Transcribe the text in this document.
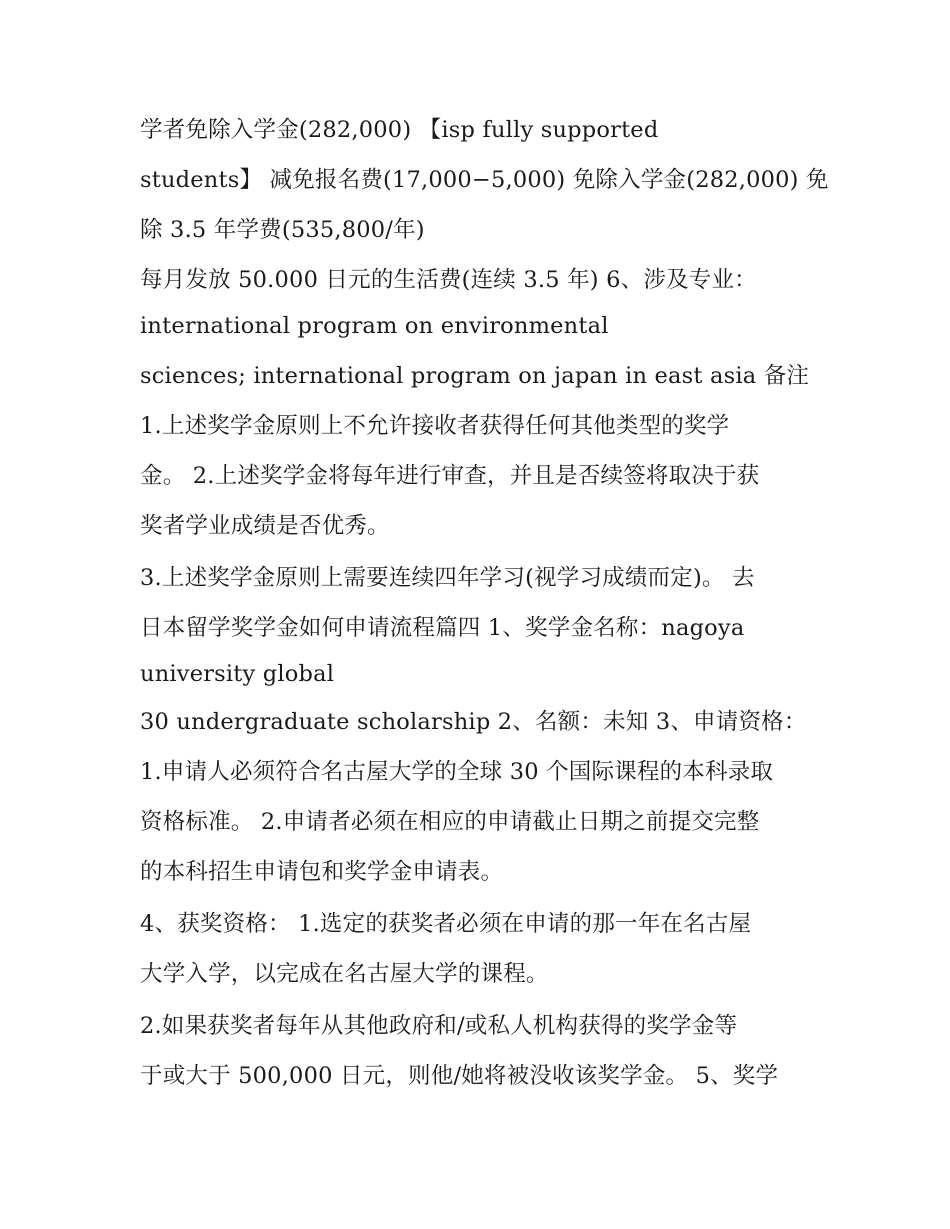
学者免除入学金(282,000) 【isp fully supported
students】 减免报名费(17,000−5,000) 免除入学金(282,000) 免
除 3.5 年学费(535,800/年)
每月发放 50.000 日元的生活费(连续 3.5 年) 6、涉及专业：
international program on environmental
sciences; international program on japan in east asia 备注
1.上述奖学金原则上不允许接收者获得任何其他类型的奖学
金。 2.上述奖学金将每年进行审查，并且是否续签将取决于获
奖者学业成绩是否优秀。
3.上述奖学金原则上需要连续四年学习(视学习成绩而定)。 去
日本留学奖学金如何申请流程篇四 1、奖学金名称：nagoya
university global
30 undergraduate scholarship 2、名额：未知 3、申请资格：
1.申请人必须符合名古屋大学的全球 30 个国际课程的本科录取
资格标准。 2.申请者必须在相应的申请截止日期之前提交完整
的本科招生申请包和奖学金申请表。
4、获奖资格： 1.选定的获奖者必须在申请的那一年在名古屋
大学入学，以完成在名古屋大学的课程。
2.如果获奖者每年从其他政府和/或私人机构获得的奖学金等
于或大于 500,000 日元，则他/她将被没收该奖学金。 5、奖学
